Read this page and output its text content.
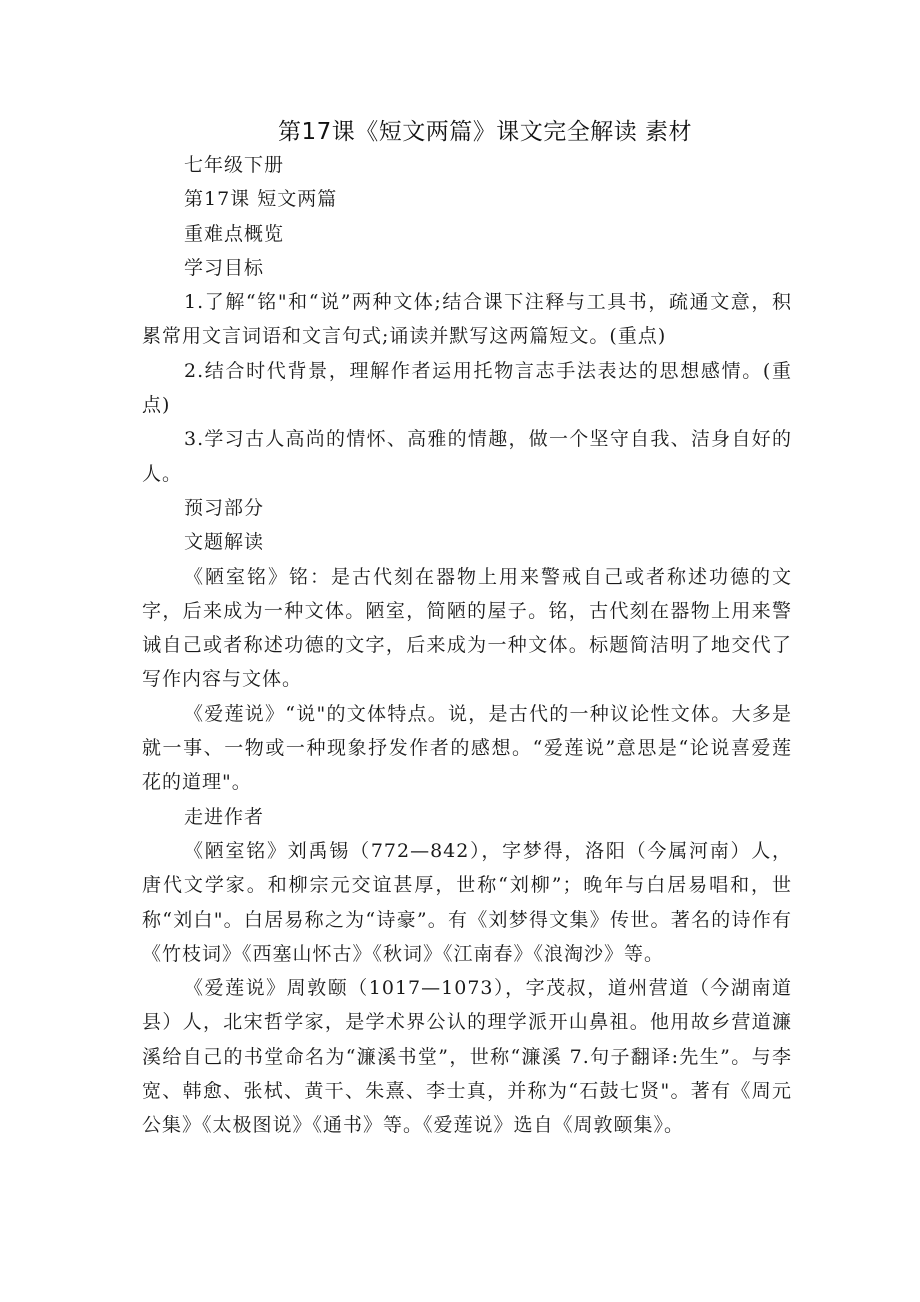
第17课《短文两篇》课文完全解读 素材

七年级下册

第17课 短文两篇

重难点概览

学习目标

1.了解“铭"和“说”两种文体;结合课下注释与工具书，疏通文意，积累常用文言词语和文言句式;诵读并默写这两篇短文。(重点)

2.结合时代背景，理解作者运用托物言志手法表达的思想感情。(重点)

3.学习古人高尚的情怀、高雅的情趣，做一个坚守自我、洁身自好的人。

预习部分

文题解读

《陋室铭》铭：是古代刻在器物上用来警戒自己或者称述功德的文字，后来成为一种文体。陋室，简陋的屋子。铭，古代刻在器物上用来警诫自己或者称述功德的文字，后来成为一种文体。标题简洁明了地交代了写作内容与文体。

《爱莲说》“说"的文体特点。说，是古代的一种议论性文体。大多是就一事、一物或一种现象抒发作者的感想。“爱莲说”意思是“论说喜爱莲花的道理"。

走进作者

《陋室铭》刘禹锡（772—842），字梦得，洛阳（今属河南）人，唐代文学家。和柳宗元交谊甚厚，世称“刘柳”；晚年与白居易唱和，世称“刘白"。白居易称之为“诗豪”。有《刘梦得文集》传世。著名的诗作有《竹枝词》《西塞山怀古》《秋词》《江南春》《浪淘沙》等。

《爱莲说》周敦颐（1017—1073），字茂叔，道州营道（今湖南道县）人，北宋哲学家，是学术界公认的理学派开山鼻祖。他用故乡营道濂溪给自己的书堂命名为“濂溪书堂”，世称“濂溪 7.句子翻译:先生”。与李宽、韩愈、张栻、黄干、朱熹、李士真，并称为“石鼓七贤"。著有《周元公集》《太极图说》《通书》等。《爱莲说》选自《周敦颐集》。
